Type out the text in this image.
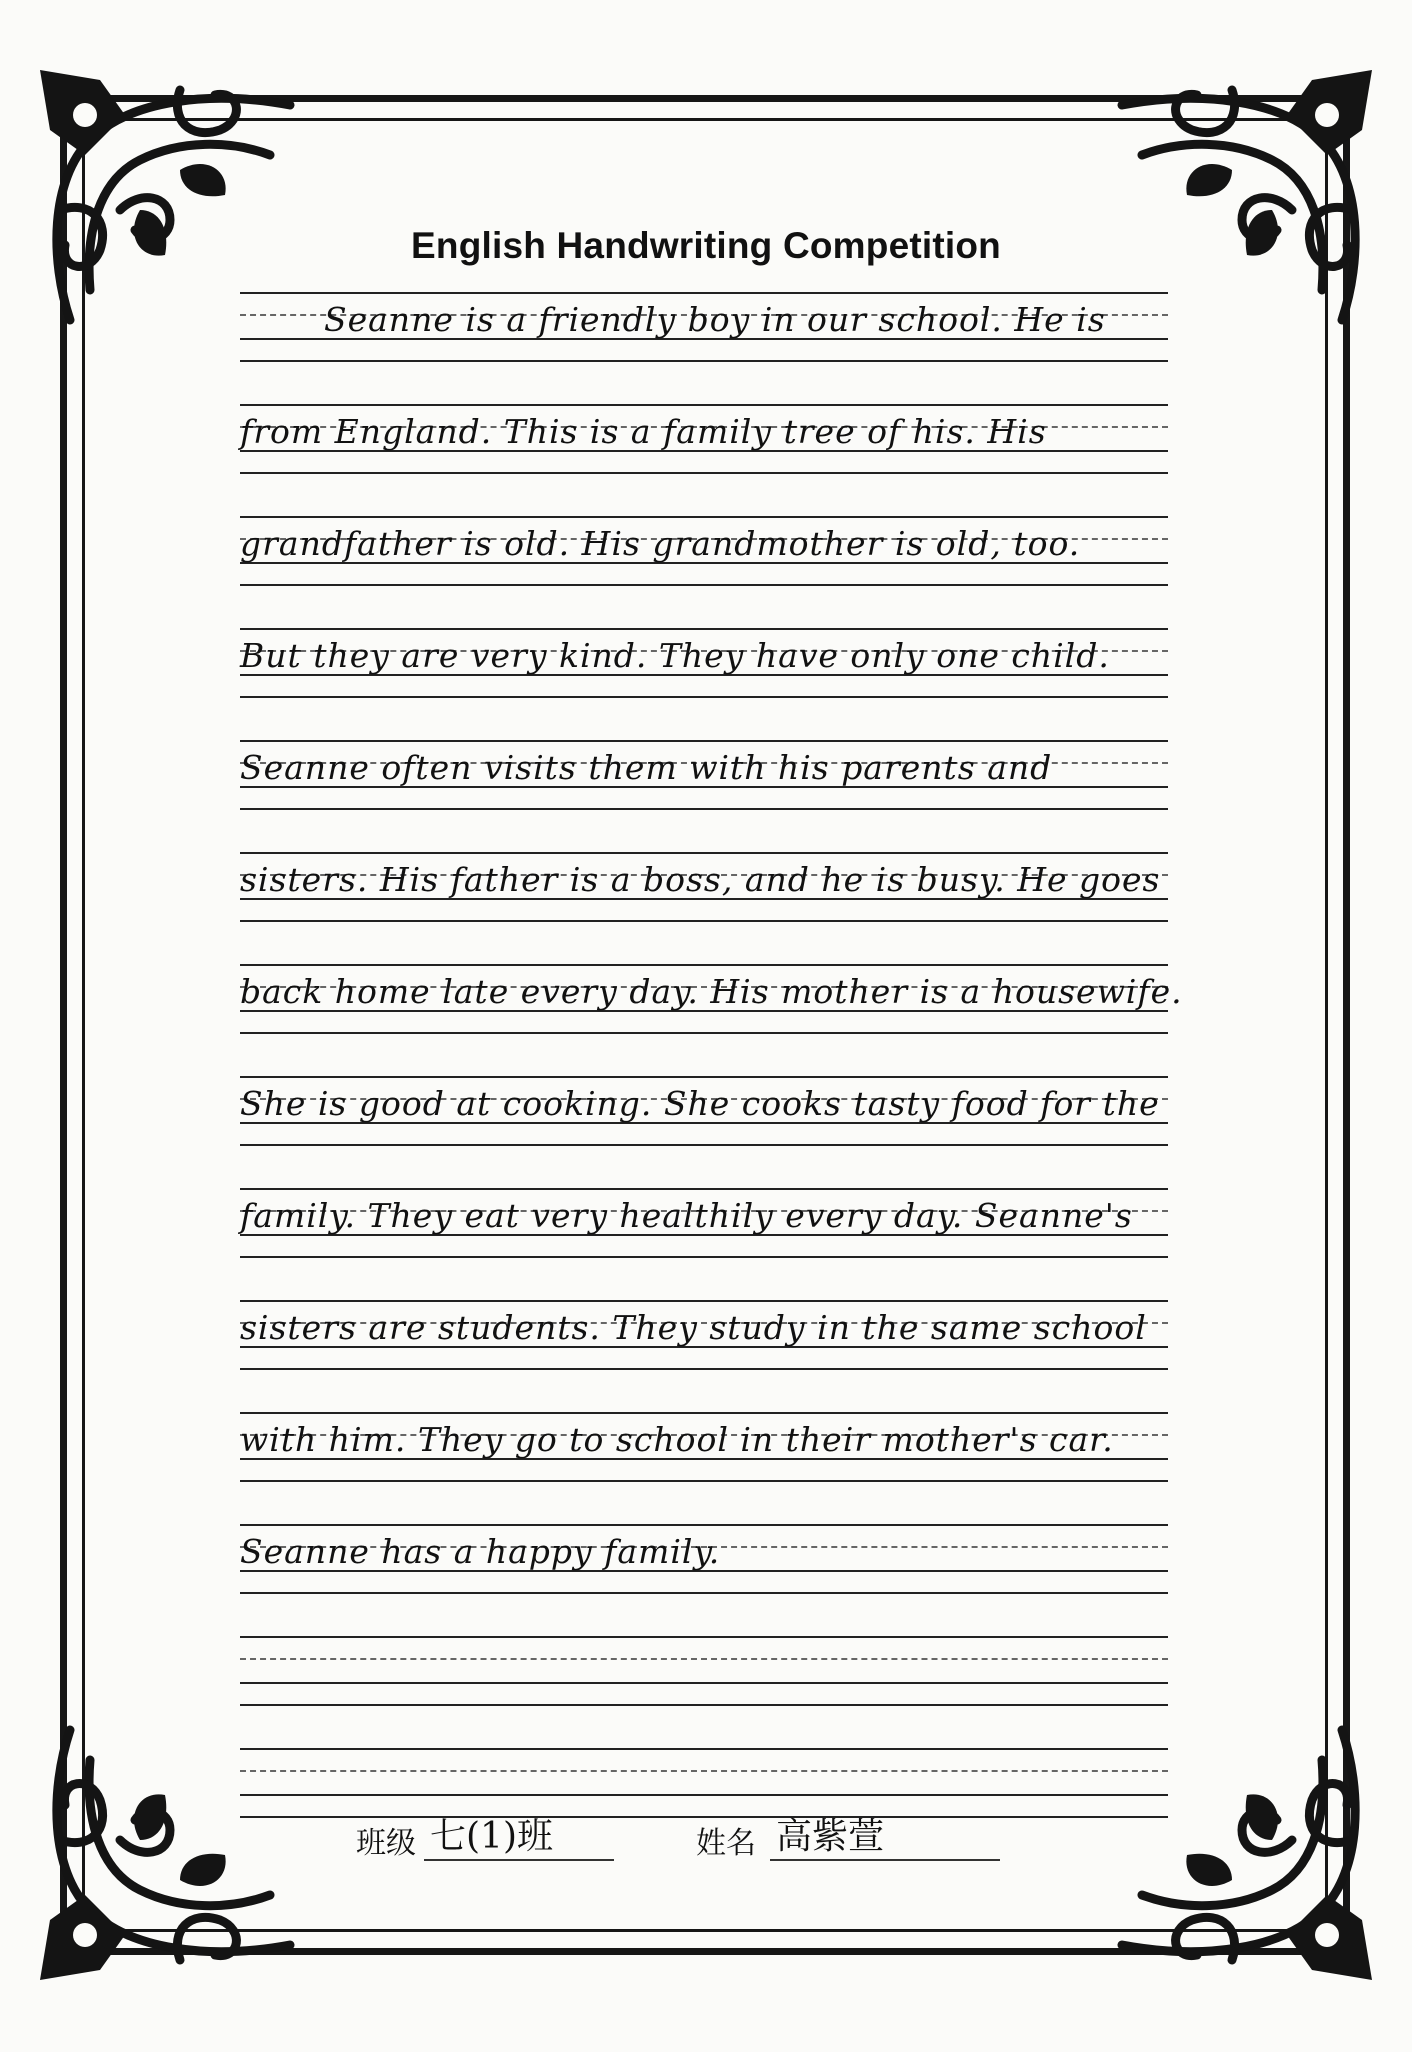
English Handwriting Competition
Seanne is a friendly boy in our school. He is
from England. This is a family tree of his. His
grandfather is old. His grandmother is old, too.
But they are very kind. They have only one child.
Seanne often visits them with his parents and
sisters. His father is a boss, and he is busy. He goes
back home late every day. His mother is a housewife.
She is good at cooking. She cooks tasty food for the
family. They eat very healthily every day. Seanne's
sisters are students. They study in the same school
with him. They go to school in their mother's car.
Seanne has a happy family.
班级 七(1)班	姓名 高紫萱
